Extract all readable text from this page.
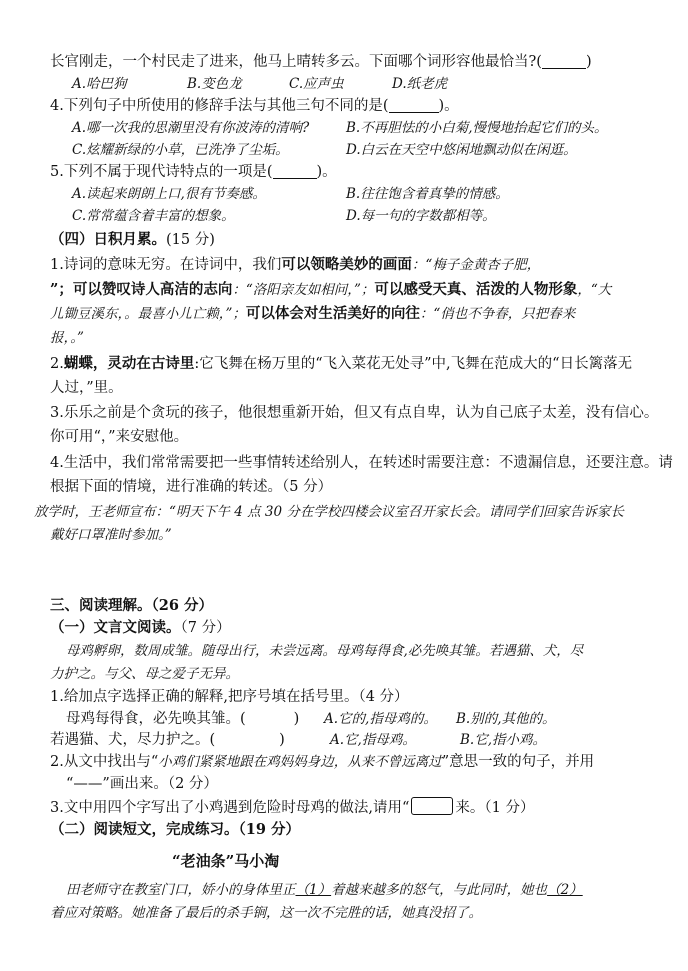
长官刚走，一个村民走了进来，他马上晴转多云。下面哪个词形容他最恰当?(	)
A.哈巴狗	B.变色龙	C.应声虫	D.纸老虎
4.下列句子中所使用的修辞手法与其他三句不同的是(	)。
A.哪一次我的思潮里没有你波涛的清响?	B.不再胆怯的小白菊,慢慢地抬起它们的头。
C.炫耀新绿的小草，已洗净了尘垢。	D.白云在天空中悠闲地飘动似在闲逛。
5.下列不属于现代诗特点的一项是(	)。
A.读起来朗朗上口,很有节奏感。	B.往往饱含着真挚的情感。
C.常常蕴含着丰富的想象。	D.每一句的字数都相等。
（四）日积月累。(15 分)
1.诗词的意味无穷。在诗词中，我们可以领略美妙的画面：“梅子金黄杏子肥，
”；可以赞叹诗人高洁的志向：“洛阳亲友如相问，”；可以感受天真、活泼的人物形象，“大
儿锄豆溪东，。最喜小儿亡赖，”；可以体会对生活美好的向往：“俏也不争春，只把春来
报，。”
2.蝴蝶，灵动在古诗里:它飞舞在杨万里的“飞入菜花无处寻”中,飞舞在范成大的“日长篱落无
人过，”里。
3.乐乐之前是个贪玩的孩子，他很想重新开始，但又有点自卑，认为自己底子太差，没有信心。
你可用“，”来安慰他。
4.生活中，我们常常需要把一些事情转述给别人，在转述时需要注意：不遗漏信息，还要注意。请
根据下面的情境，进行准确的转述。（5 分）
放学时，王老师宣布：“明天下午 4 点 30 分在学校四楼会议室召开家长会。请同学们回家告诉家长
戴好口罩准时参加。”
三、阅读理解。（26 分）
（一）文言文阅读。（7 分）
母鸡孵卵，数周成雏。随母出行，未尝远离。母鸡每得食,必先唤其雏。若遇猫、犬，尽
力护之。与父、母之爱子无异。
1.给加点字选择正确的解释,把序号填在括号里。（4 分）
母鸡每得食，必先唤其雏。(	) A.它的,指母鸡的。 B.别的,其他的。
若遇猫、犬，尽力护之。(	)	A.它,指母鸡。	B.它,指小鸡。
2.从文中找出与“小鸡们紧紧地跟在鸡妈妈身边，从来不曾远离过”意思一致的句子，并用
“——”画出来。（2 分）
3.文中用四个字写出了小鸡遇到危险时母鸡的做法,请用“	来。（1 分）
（二）阅读短文，完成练习。（19 分）
“老油条”马小淘
田老师守在教室门口，娇小的身体里正（1）着越来越多的怒气，与此同时，她也（2）
着应对策略。她准备了最后的杀手锏，这一次不完胜的话，她真没招了。
